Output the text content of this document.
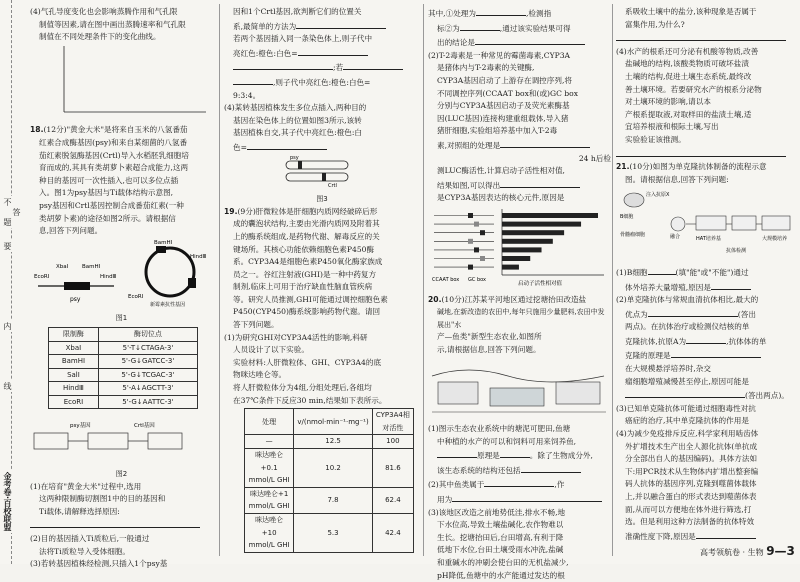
不
要
答
题
线
内
金考卷·百校联盟

(4)气孔导度变化也会影响蒸腾作用和气孔限

制值等因素,请在图中画出蒸腾速率和气孔限

制值在不同处理条件下的变化曲线。

18.(12分)"黄金大米"是将来自玉米的八氢番茄

红素合成酶基因(psy)和来自某细菌的八氢番

茄红素脱氢酶基因(Crtl)导入水稻胚乳细胞培

育而成的,其具有类胡萝卜素超合成能力,这两

种目的基因可一次性插入,也可以多位点插

入。图1为psy基因与Ti载体结构示意图,

psy基因和Crtl基因控制合成番茄红素(一种

类胡萝卜素)的途径如图2所示。请根据信

息,回答下列问题。

psy
EcoRⅠ
XbaⅠ BamHⅠ
HindⅢ
BamHⅠ
HindⅢ
EcoRⅠ
新霉素抗性基因
图1
限制酶	酶切位点
XbaⅠ	5'-T↓CTAGA-3'
BamHⅠ	5'-G↓GATCC-3'
SalⅠ	5'-G↓TCGAC-3'
HindⅢ	5'-A↓AGCTT-3'
EcoRⅠ	5'-G↓AATTC-3'
psy基因	Crtl基因
图2

(1)在培育"黄金大米"过程中,选用

这两种限制酶切割图1中的目的基因和

Ti载体,请解释选择原因:

(2)目的基因插入Ti质粒后,一般通过

法将Ti质粒导入受体细胞。

(3)若转基因植株经检测,只插入1个psy基

因和1个Crtl基因,欲判断它们的位置关

系,最简单的方法为

若两个基因插入同一条染色体上,则子代中

亮红色:橙色:白色=

;若

,则子代中亮红色:橙色:白色=

9:3:4。

(4)某转基因植株发生多位点插入,两种目的

基因在染色体上的位置如图3所示,该转

基因植株自交,其子代中亮红色:橙色:白

色=

psy
Crtl
图3

19.(9分)肝微粒体是肝细胞内质网经破碎后形

成的囊泡状结构,主要由光滑内质网及附着其

上的酶系统组成,是药物代谢、解毒反应的关

键场所。其核心功能依赖细胞色素P450酶

系。CYP3A4是细胞色素P450氧化酶家族成

员之一。谷红注射液(GHI)是一种中药复方

制剂,临床上可用于治疗缺血性脑血管疾病

等。研究人员推测,GHI可能通过调控细胞色素

P450(CYP450)酶系统影响药物代谢。请回

答下列问题。

(1)为研究GHI对CYP3A4活性的影响,科研

人员设计了以下实验。

实验材料:人肝微粒体、GHI、CYP3A4的底

物咪达唑仑等。

将人肝微粒体分为4组,分组处理后,各组均

在37℃条件下反应30 min,结果如下表所示。

处理	v/(nmol·min⁻¹·mg⁻¹)	CYP3A4相对活性
—	12.5	100
咪达唑仑+0.1 mmol/L GHI	10.2	81.6
咪达唑仑+1 mmol/L GHI	7.8	62.4
咪达唑仑+10 mmol/L GHI	5.3	42.4

其中,①处理为	,检测指

标②为	,通过该实验结果可得

出的结论是

(2)T-2毒素是一种常见的霉菌毒素,CYP3A

是猪体内与T-2毒素的关键酶,

CYP3A基因启动了上游存在调控序列,将

不同调控序列(CCAAT box和(或)GC box

分别与CYP3A基因启动子及荧光素酶基

因(LUC基因)连接构建重组载体,导入猪

猪肝细胞,实验组培养基中加入T-2毒

素,对照组的处理是

24 h后检

测LUC酶活性,计算启动子活性相对值,

结果如图,可以得出

是CYP3A基因表达的核心元件,原因是

启动子活性相对值
CCAAT box GC box

20.(10分)江苏某平河地区通过挖塘抬田改造盐

碱地,在新改造的农田中,每年只施用少量肥料,农田中发展出"水

产—鱼类"新型生态农业,如图所

示,请根据信息,回答下列问题。

(1)图示生态农业系统中的塘泥可肥田,鱼塘

中种植的水产的可以和饲料可用来饲养鱼,

原理是	。除了生物成分外,

该生态系统的结构还包括

(2)其中鱼类属于	,作

用为

(3)该地区改造之前地势低洼,排水不畅,地

下水位高,导致土壤盐碱化,农作物难以

生长。挖塘抬田后,台田增高,有利于降

低地下水位,台田土壤受雨水冲洗,盐碱

和重碱水的冲刷会使台田的无机盐减少,

pH降低,鱼塘中的水产能通过发达的根

系吸收土壤中的盐分,该种现象是否属于

富集作用,为什么?

(4)水产的根系还可分泌有机酸等物质,改善

盐碱地的结构,该酸类物质可破坏盐渍

土壤的结构,促进土壤生态系统,最终改

善土壤环境。若要研究水产的根系分泌物

对土壤环境的影响,请以本

产根系提取液,对取样田的盐渍土壤,适

宜培养根液和根际土壤,写出

实验验证该推测。

21.(10分)如图为单克隆抗体制备的流程示意

图。请根据信息,回答下列问题:

注入抗原X
B细胞
骨髓瘤细胞	融合	HAT培养基	大规模培养
抗体检测

(1)B细胞	(填"能"或"不能")通过

体外培养大量增殖,原因是

(2)单克隆抗体与常规血清抗体相比,最大的

优点为	(答出

两点)。在抗体治疗或检测仪结核的单

克隆抗体,抗原A为	,抗体体的单

克隆的原理是

在大规模悬浮培养时,杂交

瘤细胞增殖减慢甚至停止,原因可能是

(答出两点)。

(3)已知单克隆抗体可能通过细胞毒性对抗

癌症的治疗,其中单克隆抗体的作用是

(4)为减少免疫排斥反应,科学家利用啮齿体

外扩增技术生产出全人源化抗体(单抗成

分全部出自人的基因编码)。具体方法如

下:用PCR技术从生物体内扩增出整套编

码人抗体的基因序列,克隆到噬菌体载体

上,并以融合蛋白的形式表达到噬菌体表

面,从而可以方便地在体外进行筛选,打

选。但是利用这种方法制备的抗体特效

准确性度下降,原因是

高考领航卷 · 生物 9—3
